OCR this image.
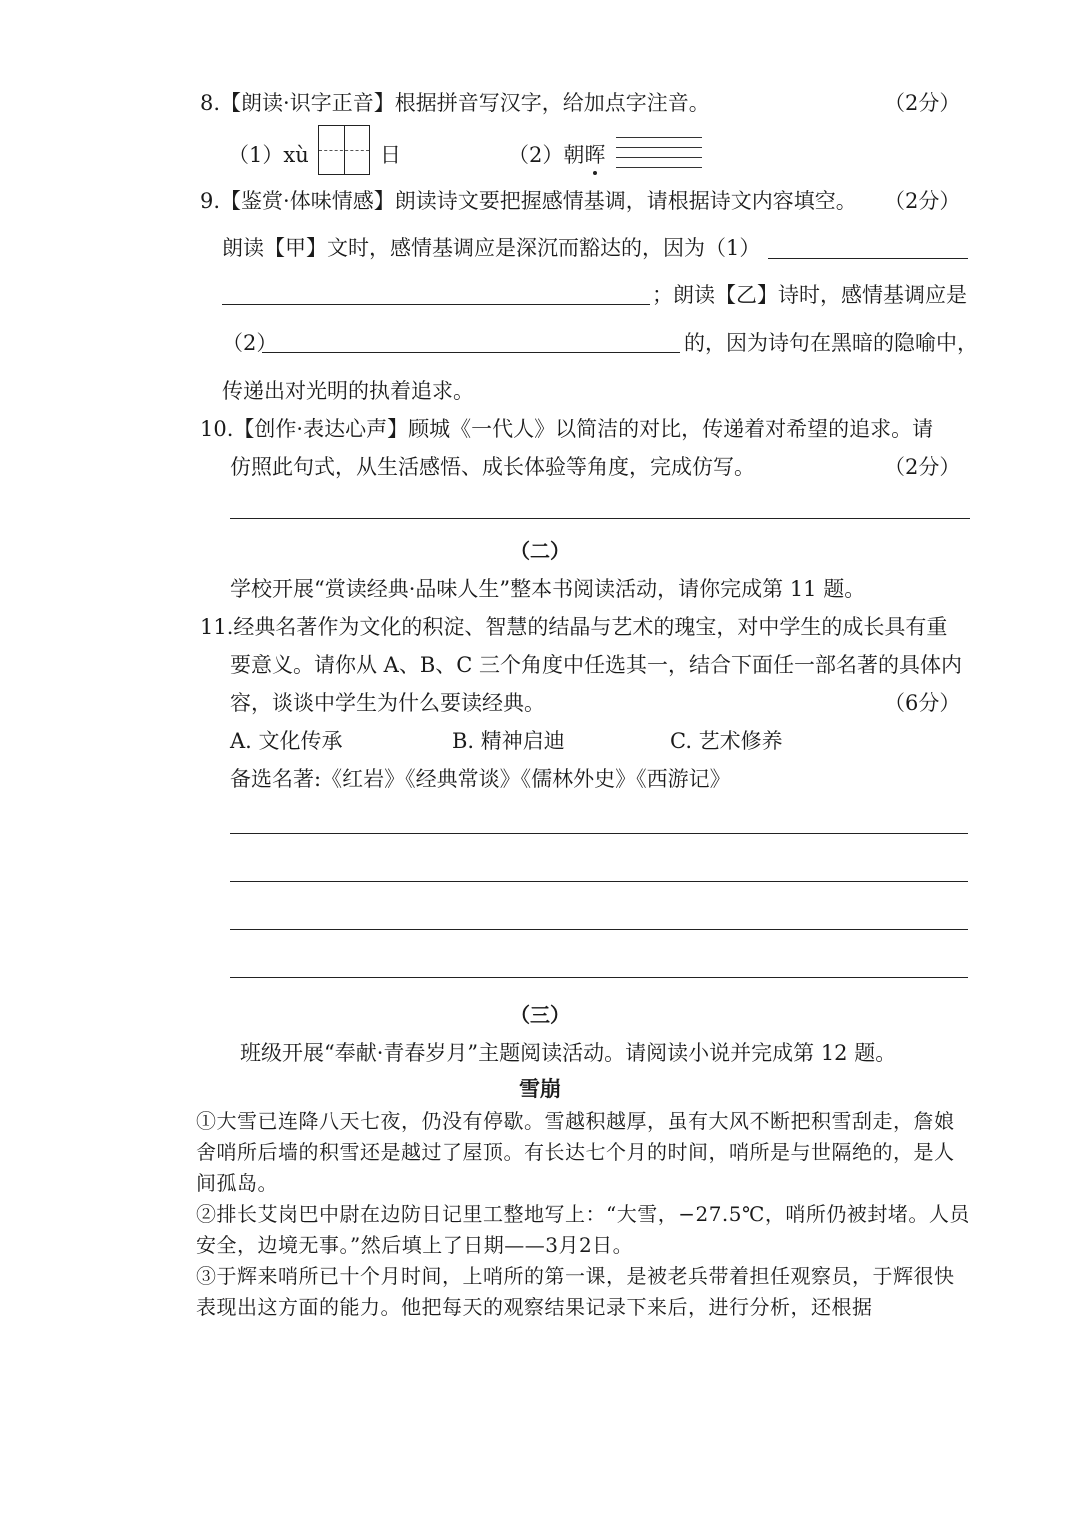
8.【朗读·识字正音】根据拼音写汉字，给加点字注音。	（2分）
（1）xù	日	（2）朝晖
9.【鉴赏·体味情感】朗读诗文要把握感情基调，请根据诗文内容填空。 （2分）
朗读【甲】文时，感情基调应是深沉而豁达的，因为（1）
；朗读【乙】诗时，感情基调应是
（2）	的，因为诗句在黑暗的隐喻中，
传递出对光明的执着追求。
10.【创作·表达心声】顾城《一代人》以简洁的对比，传递着对希望的追求。请
仿照此句式，从生活感悟、成长体验等角度，完成仿写。	（2分）
（二）
学校开展“赏读经典·品味人生”整本书阅读活动，请你完成第 11 题。
11.经典名著作为文化的积淀、智慧的结晶与艺术的瑰宝，对中学生的成长具有重
要意义。请你从 A、B、C 三个角度中任选其一，结合下面任一部名著的具体内
容，谈谈中学生为什么要读经典。	（6分）
A. 文化传承	B. 精神启迪	C. 艺术修养
备选名著:《红岩》《经典常谈》《儒林外史》《西游记》
（三）
班级开展“奉献·青春岁月”主题阅读活动。请阅读小说并完成第 12 题。
雪崩
①大雪已连降八天七夜，仍没有停歇。雪越积越厚，虽有大风不断把积雪刮走，詹娘舍哨所后墙的积雪还是越过了屋顶。有长达七个月的时间，哨所是与世隔绝的，是人间孤岛。
②排长艾岗巴中尉在边防日记里工整地写上：“大雪，−27.5℃，哨所仍被封堵。人员安全，边境无事。”然后填上了日期——3月2日。
③于辉来哨所已十个月时间，上哨所的第一课，是被老兵带着担任观察员，于辉很快表现出这方面的能力。他把每天的观察结果记录下来后，进行分析，还根据
